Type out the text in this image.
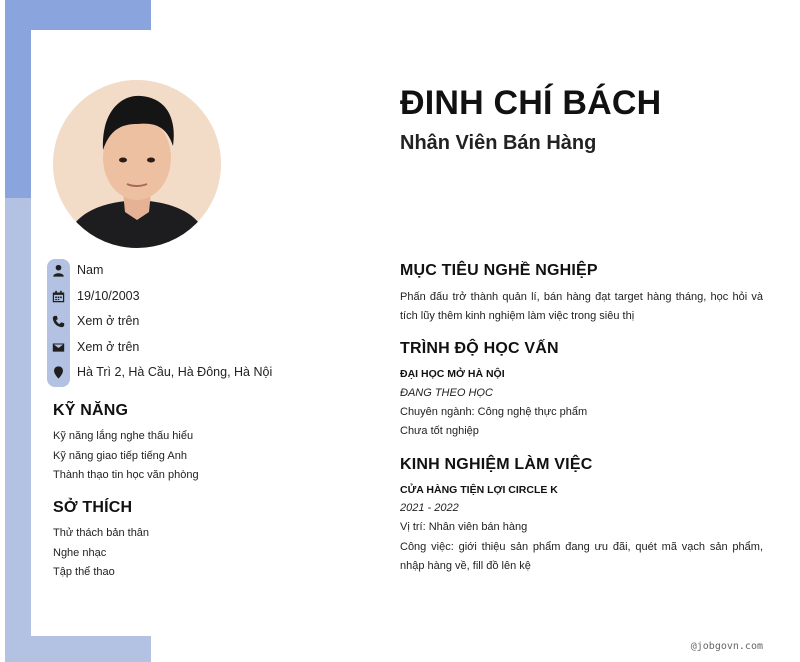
ĐINH CHÍ BÁCH
Nhân Viên Bán Hàng
Nam
19/10/2003
Xem ở trên
Xem ở trên
Hà Trì 2, Hà Cầu, Hà Đông, Hà Nội
KỸ NĂNG
Kỹ năng lắng nghe thấu hiểu
Kỹ năng giao tiếp tiếng Anh
Thành thạo tin học văn phòng
SỞ THÍCH
Thử thách bản thân
Nghe nhạc
Tập thể thao
MỤC TIÊU NGHỀ NGHIỆP

Phấn đấu trở thành quản lí, bán hàng đạt target hàng tháng, học hỏi và tích lũy thêm kinh nghiệm làm việc trong siêu thị

TRÌNH ĐỘ HỌC VẤN

ĐẠI HỌC MỞ HÀ NỘI

ĐANG THEO HỌC

Chuyên ngành: Công nghệ thực phẩm

Chưa tốt nghiệp

KINH NGHIỆM LÀM VIỆC

CỬA HÀNG TIỆN LỢI CIRCLE K

2021 - 2022

Vị trí: Nhân viên bán hàng

Công việc: giới thiệu sản phẩm đang ưu đãi, quét mã vạch sản phẩm, nhập hàng về, fill đồ lên kệ

@jobgovn.com
